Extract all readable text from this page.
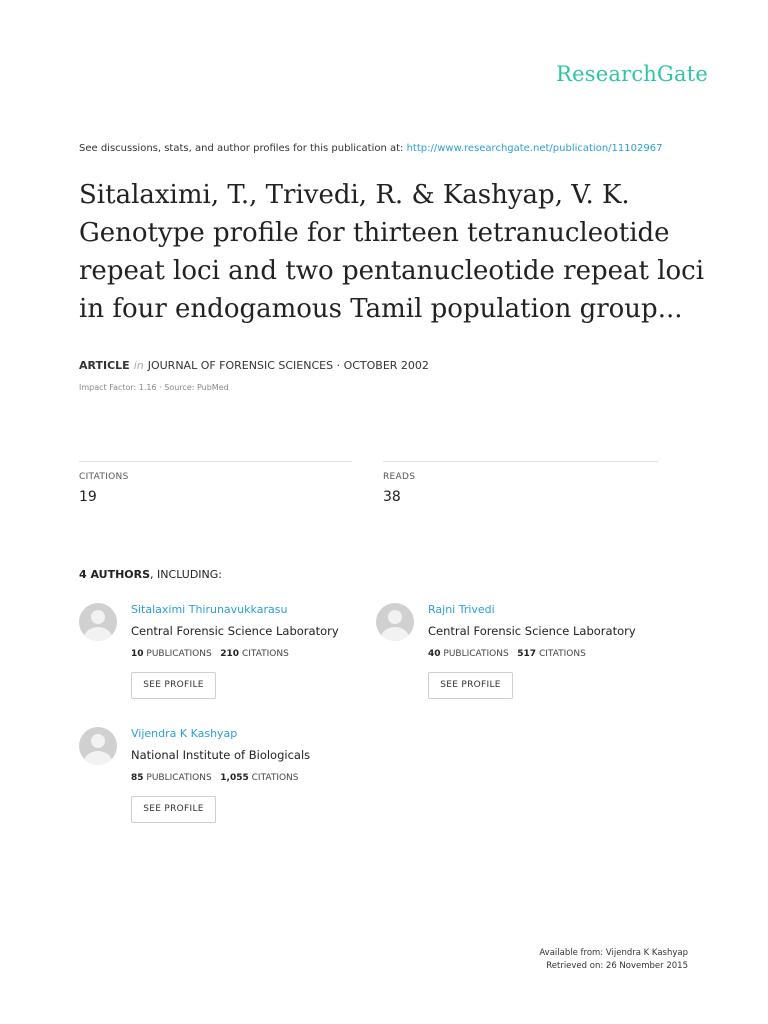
ResearchGate
See discussions, stats, and author profiles for this publication at: http://www.researchgate.net/publication/11102967
Sitalaximi, T., Trivedi, R. & Kashyap, V. K. Genotype profile for thirteen tetranucleotide repeat loci and two pentanucleotide repeat loci in four endogamous Tamil population group...
ARTICLE in JOURNAL OF FORENSIC SCIENCES · OCTOBER 2002
Impact Factor: 1.16 · Source: PubMed
CITATIONS
19
READS
38
4 AUTHORS, INCLUDING:
Sitalaximi Thirunavukkarasu
Central Forensic Science Laboratory
10 PUBLICATIONS 210 CITATIONS
SEE PROFILE
Rajni Trivedi
Central Forensic Science Laboratory
40 PUBLICATIONS 517 CITATIONS
SEE PROFILE
Vijendra K Kashyap
National Institute of Biologicals
85 PUBLICATIONS 1,055 CITATIONS
SEE PROFILE
Available from: Vijendra K Kashyap
Retrieved on: 26 November 2015
